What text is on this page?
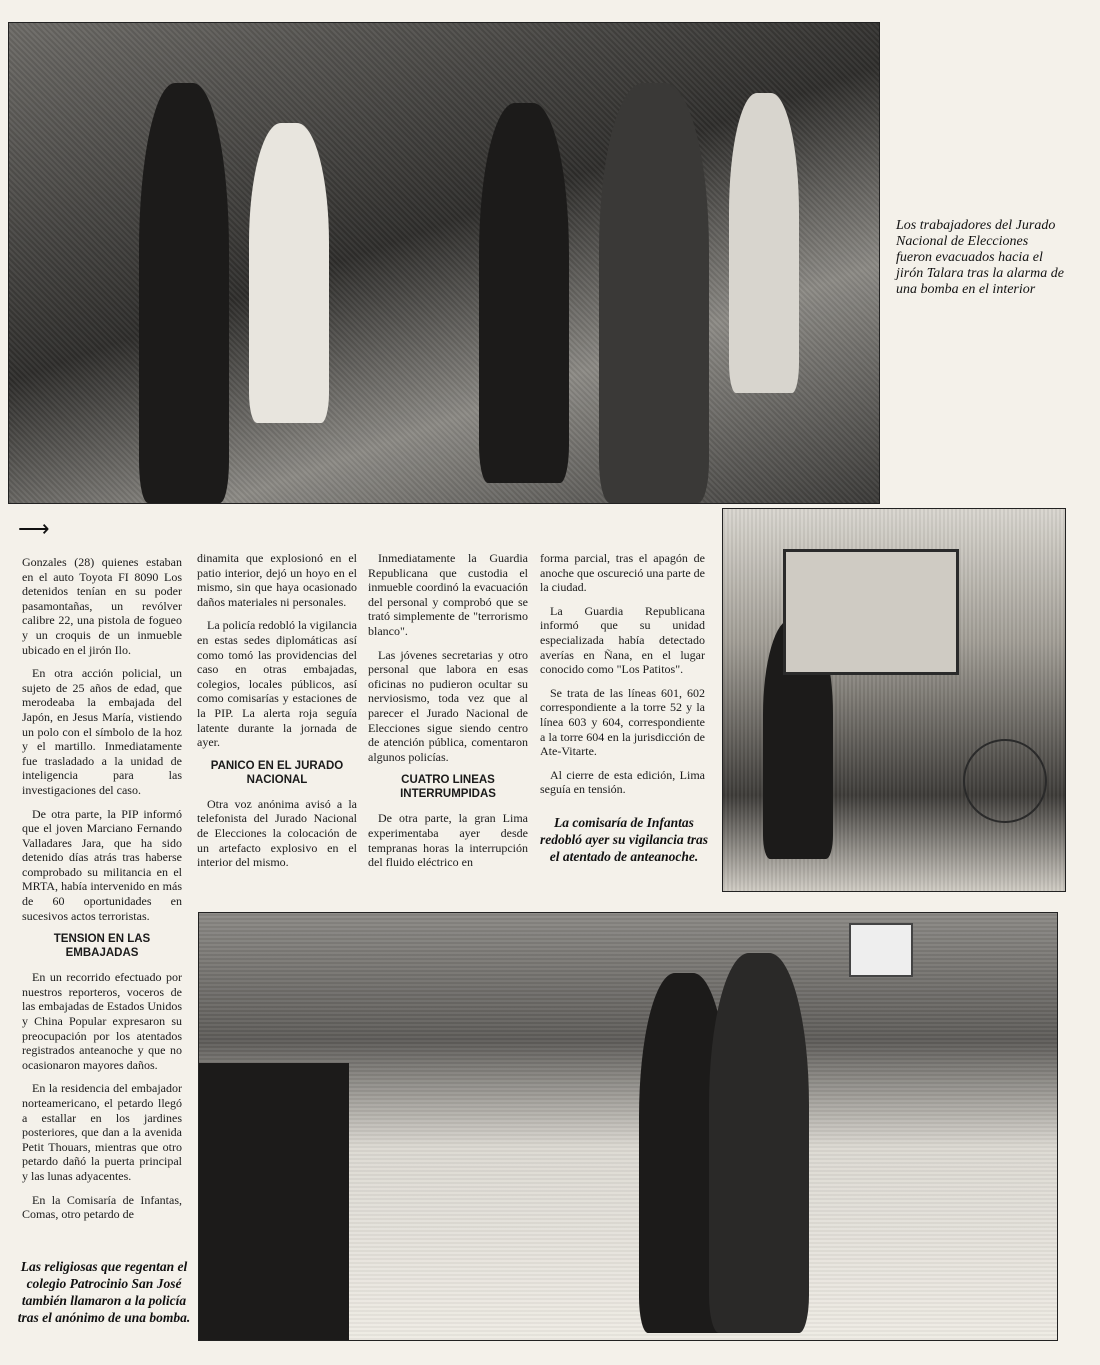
Los trabajadores del Jurado Nacional de Elecciones fueron evacuados hacia el jirón Talara tras la alarma de una bomba en el interior
La comisaría de Infantas redobló ayer su vigilancia tras el atentado de anteanoche.
Las religiosas que regentan el colegio Patrocinio San José también llamaron a la policía tras el anónimo de una bomba.
⟶

Gonzales (28) quienes estaban en el auto Toyota FI 8090 Los detenidos tenían en su poder pasamontañas, un revólver calibre 22, una pistola de fogueo y un croquis de un inmueble ubicado en el jirón Ilo.

En otra acción policial, un sujeto de 25 años de edad, que merodeaba la embajada del Japón, en Jesus María, vistiendo un polo con el símbolo de la hoz y el martillo. Inmediatamente fue trasladado a la unidad de inteligencia para las investigaciones del caso.

De otra parte, la PIP informó que el joven Marciano Fernando Valladares Jara, que ha sido detenido días atrás tras haberse comprobado su militancia en el MRTA, había intervenido en más de 60 oportunidades en sucesivos actos terroristas.

TENSION EN LAS EMBAJADAS

En un recorrido efectuado por nuestros reporteros, voceros de las embajadas de Estados Unidos y China Popular expresaron su preocupación por los atentados registrados anteanoche y que no ocasionaron mayores daños.

En la residencia del embajador norteamericano, el petardo llegó a estallar en los jardines posteriores, que dan a la avenida Petit Thouars, mientras que otro petardo dañó la puerta principal y las lunas adyacentes.

En la Comisaría de Infantas, Comas, otro petardo de

dinamita que explosionó en el patio interior, dejó un hoyo en el mismo, sin que haya ocasionado daños materiales ni personales.

La policía redobló la vigilancia en estas sedes diplomáticas así como tomó las providencias del caso en otras embajadas, colegios, locales públicos, así como comisarías y estaciones de la PIP. La alerta roja seguía latente durante la jornada de ayer.

PANICO EN EL JURADO NACIONAL

Otra voz anónima avisó a la telefonista del Jurado Nacional de Elecciones la colocación de un artefacto explosivo en el interior del mismo.

Inmediatamente la Guardia Republicana que custodia el inmueble coordinó la evacuación del personal y comprobó que se trató simplemente de "terrorismo blanco".

Las jóvenes secretarias y otro personal que labora en esas oficinas no pudieron ocultar su nerviosismo, toda vez que al parecer el Jurado Nacional de Elecciones sigue siendo centro de atención pública, comentaron algunos policías.

CUATRO LINEAS INTERRUMPIDAS

De otra parte, la gran Lima experimentaba ayer desde tempranas horas la interrupción del fluido eléctrico en

forma parcial, tras el apagón de anoche que oscureció una parte de la ciudad.

La Guardia Republicana informó que su unidad especializada había detectado averías en Ñana, en el lugar conocido como "Los Patitos".

Se trata de las líneas 601, 602 correspondiente a la torre 52 y la línea 603 y 604, correspondiente a la torre 604 en la jurisdicción de Ate-Vitarte.

Al cierre de esta edición, Lima seguía en tensión.
